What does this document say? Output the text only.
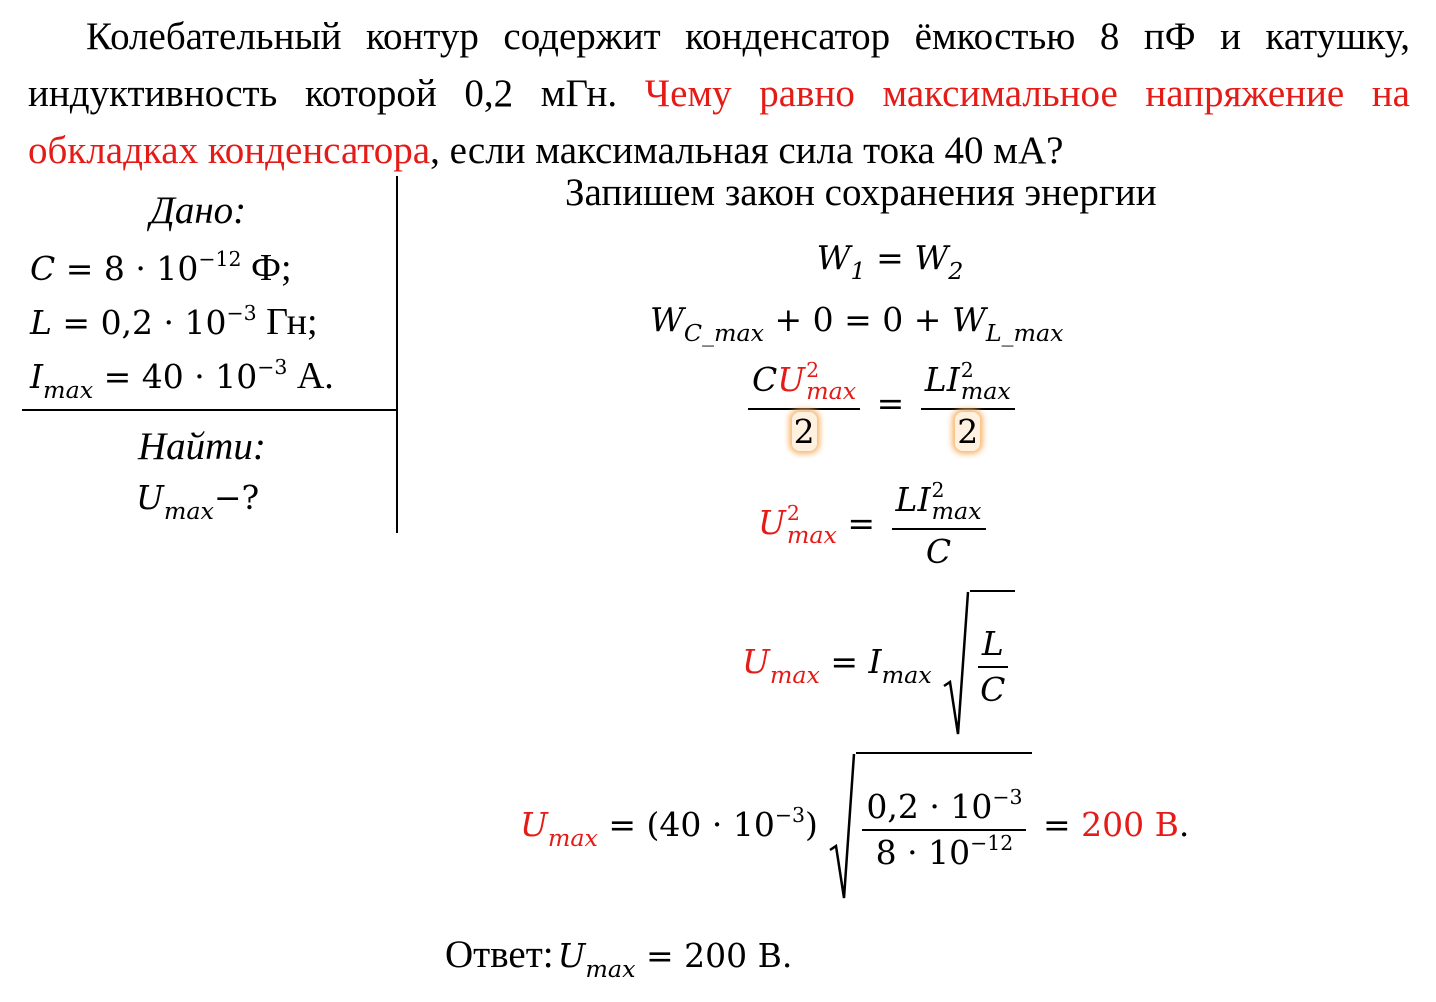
Колебательный контур содержит конденсатор ёмкостью 8 пФ и катушку, индуктивность которой 0,2 мГн. Чему равно максимальное напряжение на обкладках конденсатора, если максимальная сила тока 40 мА?

Дано:
$C = 8 \cdot 10^{-12}$ Ф;
$L = 0,2 \cdot 10^{-3}$ Гн;
$I_{max} = 40 \cdot 10^{-3}$ А.
Найти:
$U_{max}-$?
Запишем закон сохранения энергии
$W_1 = W_2$
$W_{C\_max} + 0 = 0 + W_{L\_max}$
CU 2
max
2 = LI 2
max
2
U 2
max = LI 2
max
C
$U_{max} = I_{max} \frac{L}{C}$
$U_{max} = (40 \cdot 10^{-3}) \frac{0,2 \cdot 10^{-3}}{8 \cdot 10^{-12}} = 200$ В.
Ответ: $U_{max} = 200$ В.
